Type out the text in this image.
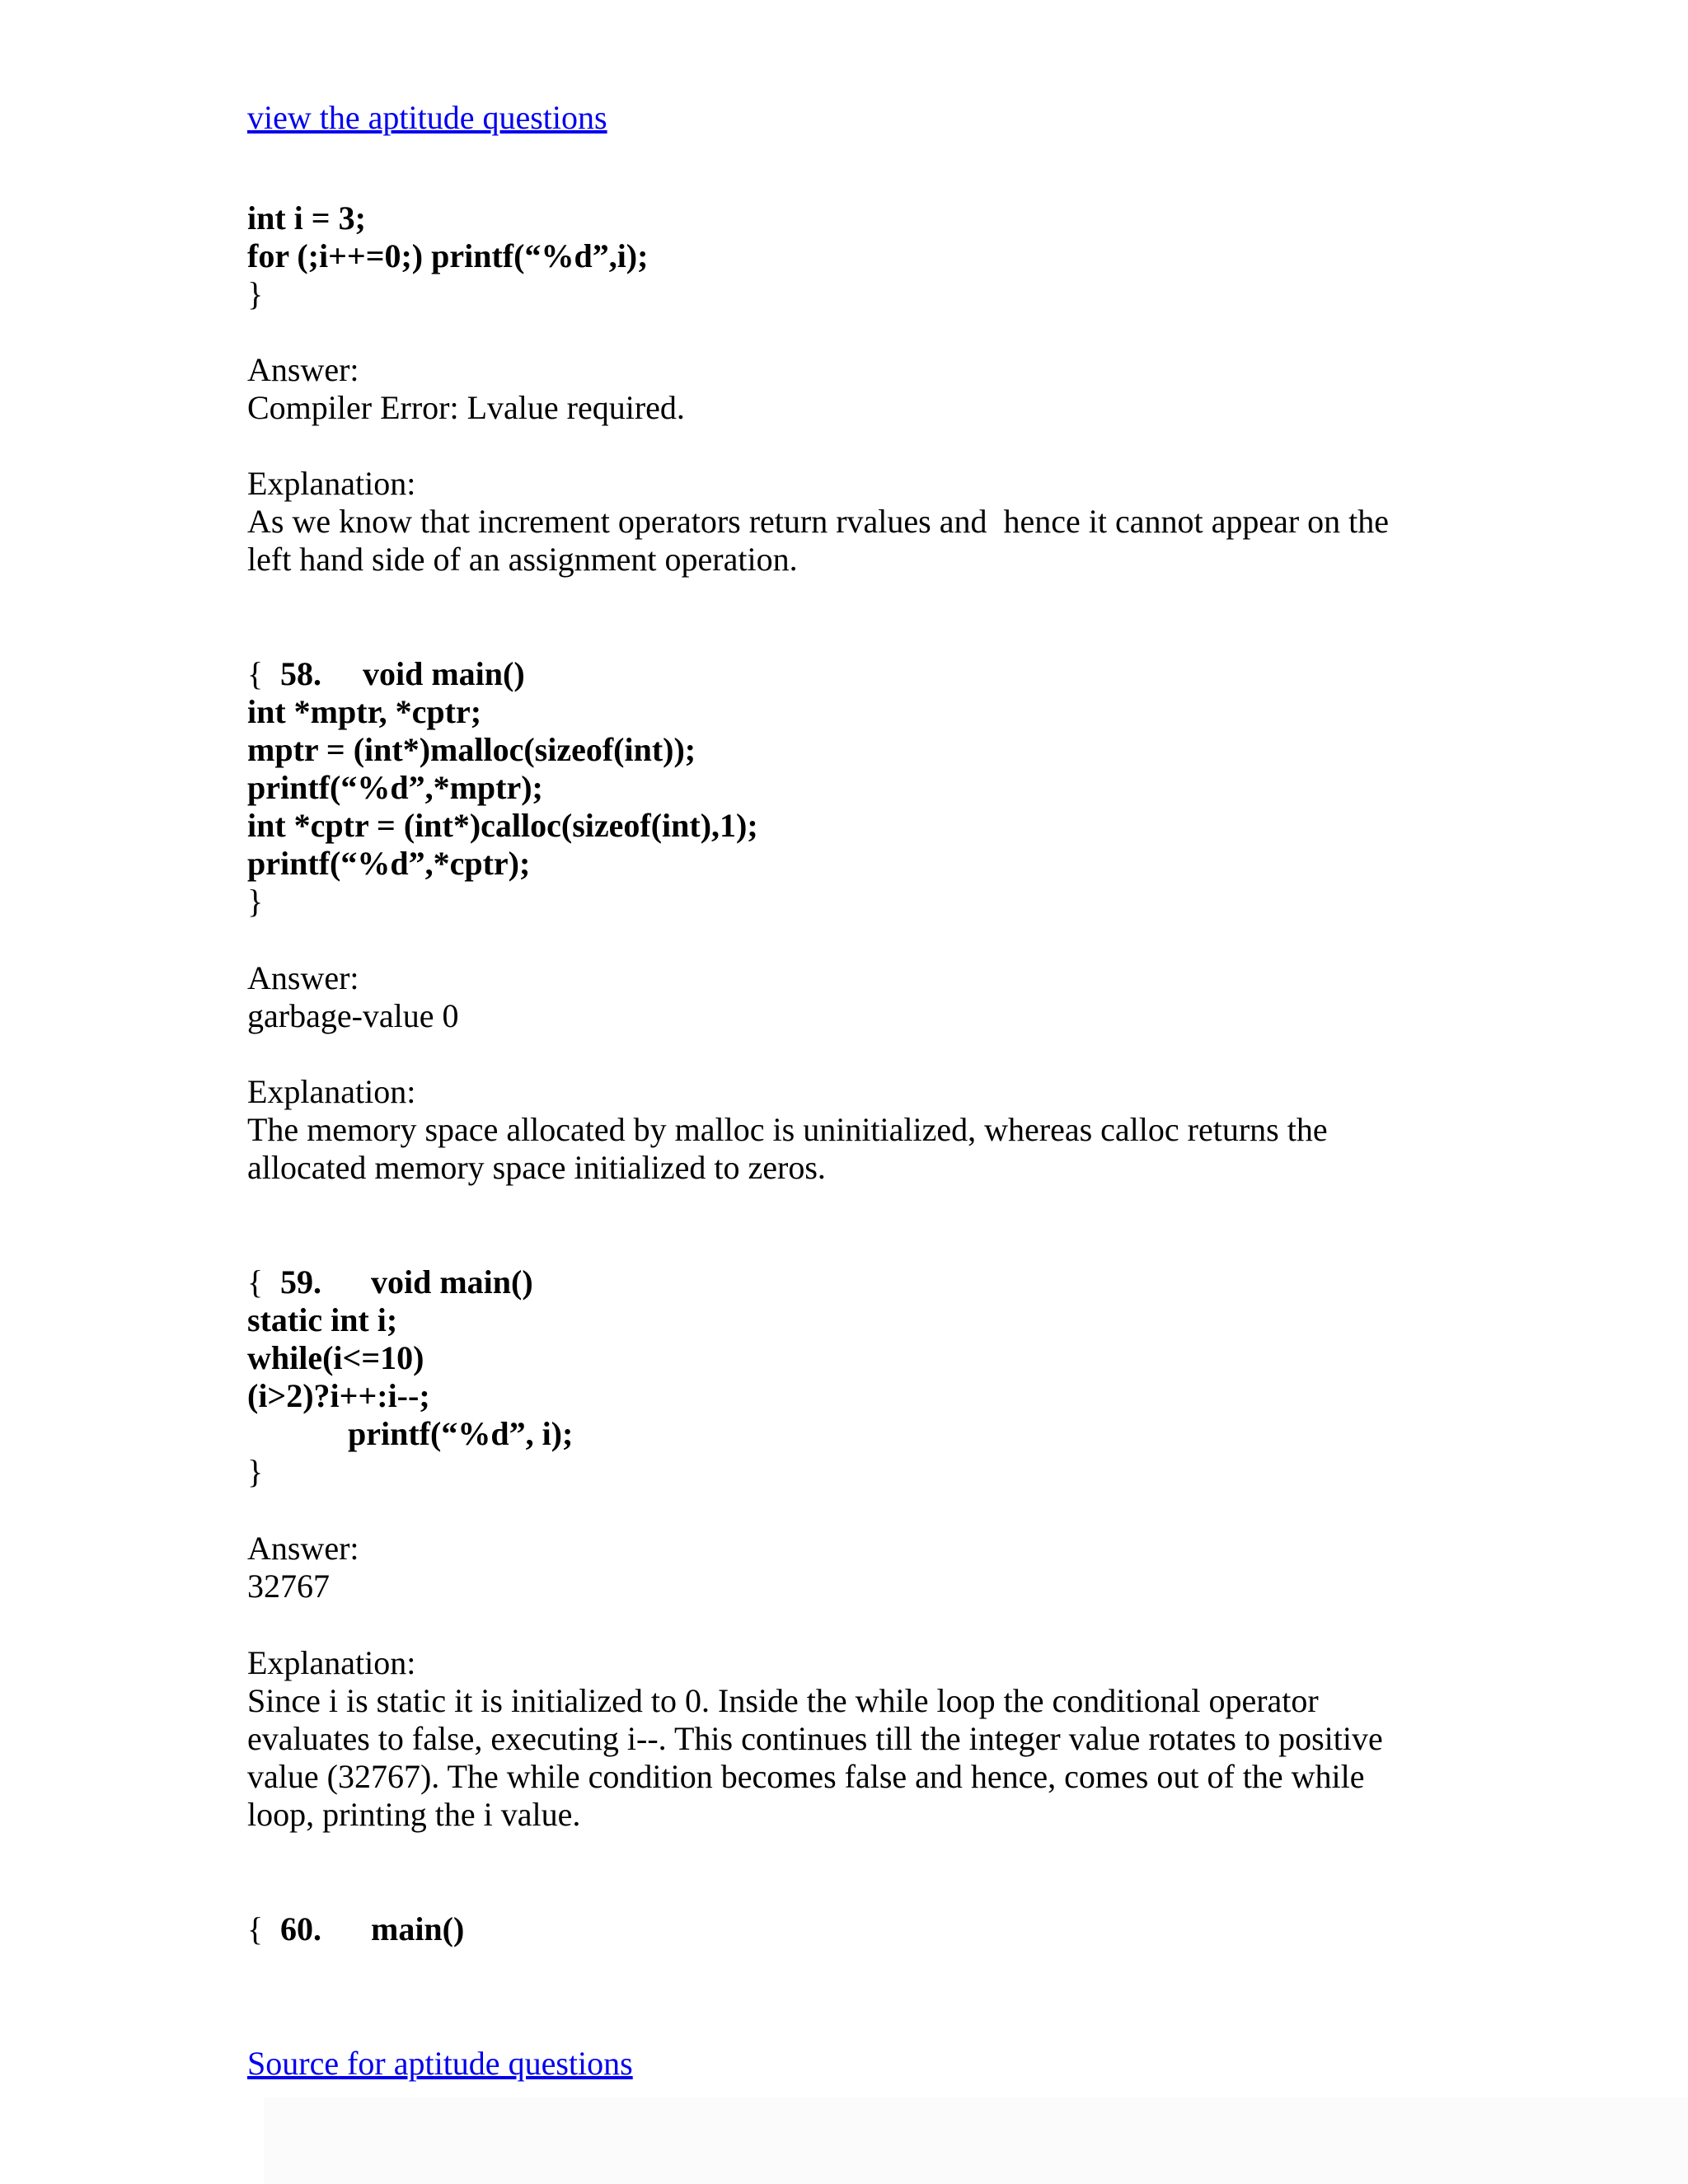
view the aptitude questions
int i = 3;
for (;i++=0;) printf(“%d”,i);
}
Answer:
Compiler Error: Lvalue required.
Explanation:
As we know that increment operators return rvalues and  hence it cannot appear on the
left hand side of an assignment operation.

58. void main()

{
int *mptr, *cptr;
mptr = (int*)malloc(sizeof(int));
printf(“%d”,*mptr);
int *cptr = (int*)calloc(sizeof(int),1);
printf(“%d”,*cptr);
}
Answer:
garbage-value 0
Explanation:
The memory space allocated by malloc is uninitialized, whereas calloc returns the
allocated memory space initialized to zeros.

59. void main()

{
static int i;
while(i<=10)
(i>2)?i++:i--;
printf(“%d”, i);
}
Answer:
32767
Explanation:
Since i is static it is initialized to 0. Inside the while loop the conditional operator
evaluates to false, executing i--. This continues till the integer value rotates to positive
value (32767). The while condition becomes false and hence, comes out of the while
loop, printing the i value.

60. main()

{
Source for aptitude questions
